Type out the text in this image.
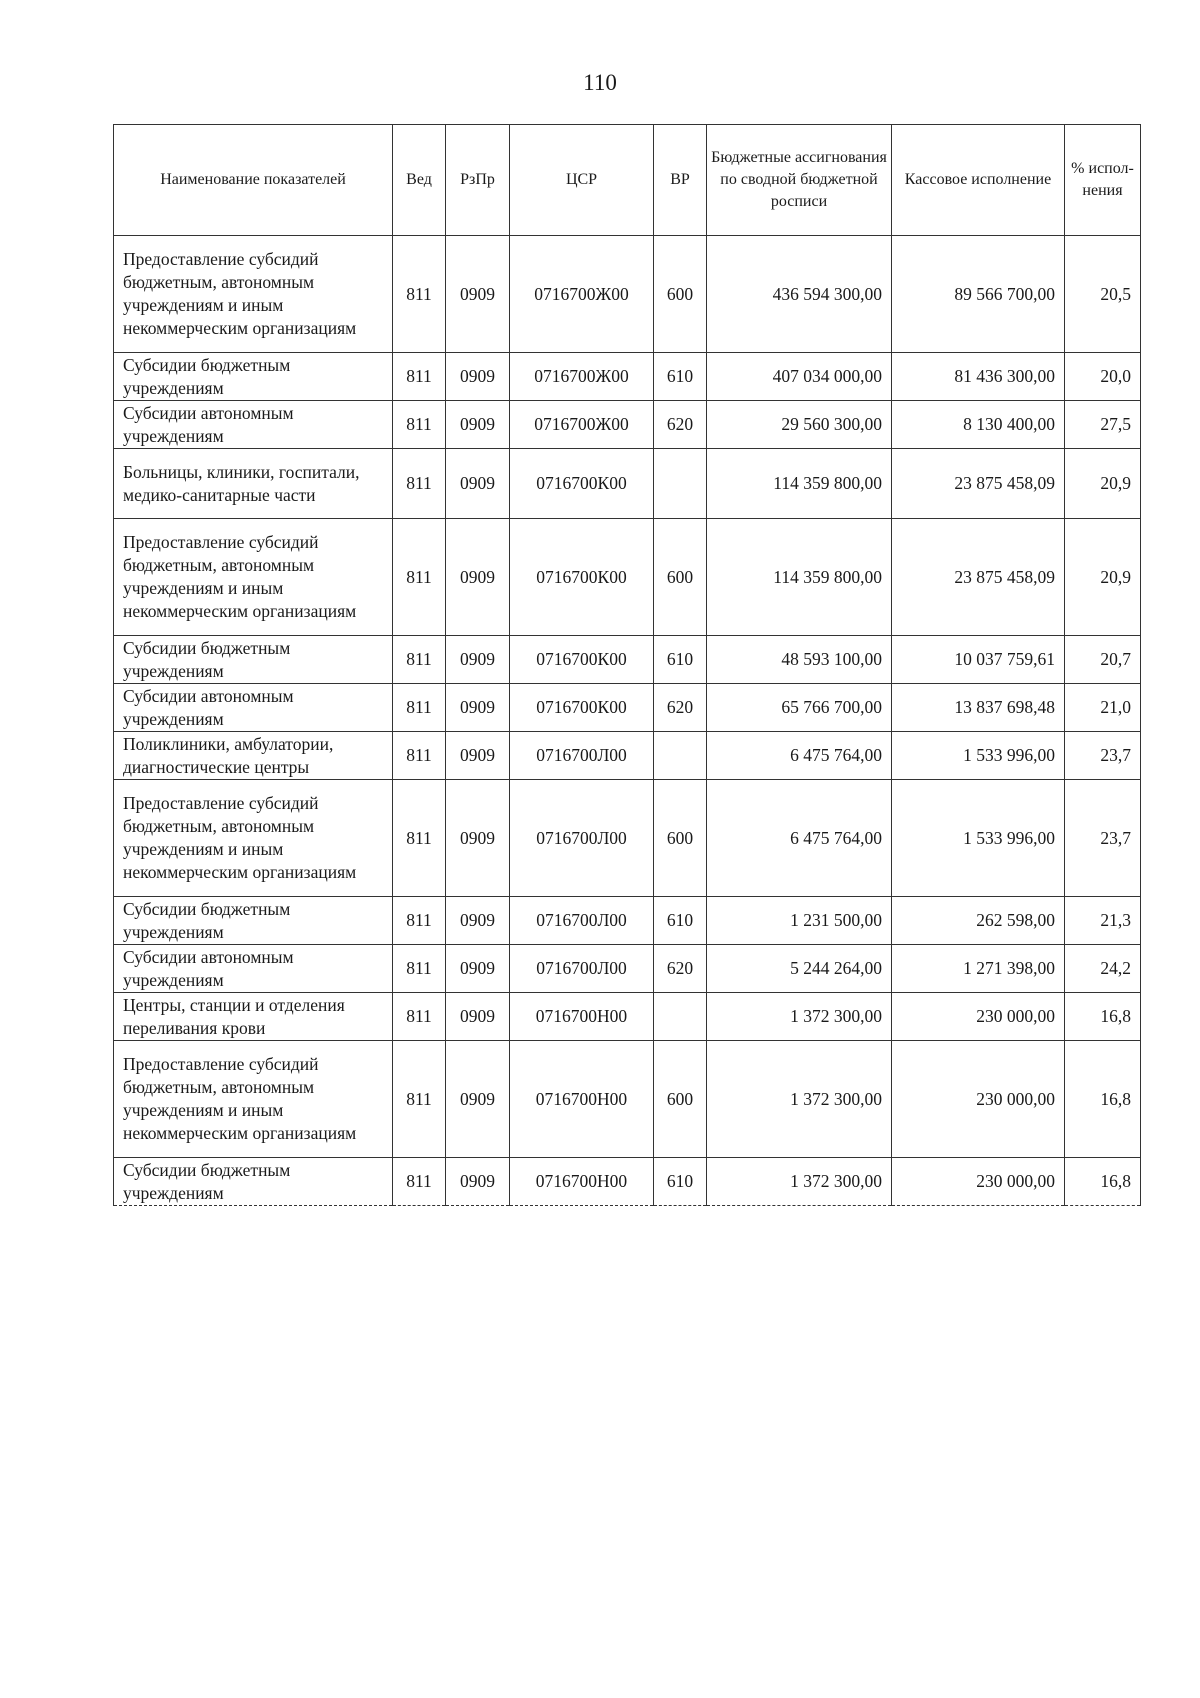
110
Наименование показателей	Вед	РзПр	ЦСР	ВР	Бюджетные ассигнования по сводной бюджетной росписи	Кассовое исполнение	% испол-нения
Предоставление субсидий бюджетным, автономным учреждениям и иным некоммерческим организациям	811	0909	0716700Ж00	600	436 594 300,00	89 566 700,00	20,5
Субсидии бюджетным учреждениям	811	0909	0716700Ж00	610	407 034 000,00	81 436 300,00	20,0
Субсидии автономным учреждениям	811	0909	0716700Ж00	620	29 560 300,00	8 130 400,00	27,5
Больницы, клиники, госпитали, медико-санитарные части	811	0909	0716700К00		114 359 800,00	23 875 458,09	20,9
Предоставление субсидий бюджетным, автономным учреждениям и иным некоммерческим организациям	811	0909	0716700К00	600	114 359 800,00	23 875 458,09	20,9
Субсидии бюджетным учреждениям	811	0909	0716700К00	610	48 593 100,00	10 037 759,61	20,7
Субсидии автономным учреждениям	811	0909	0716700К00	620	65 766 700,00	13 837 698,48	21,0
Поликлиники, амбулатории, диагностические центры	811	0909	0716700Л00		6 475 764,00	1 533 996,00	23,7
Предоставление субсидий бюджетным, автономным учреждениям и иным некоммерческим организациям	811	0909	0716700Л00	600	6 475 764,00	1 533 996,00	23,7
Субсидии бюджетным учреждениям	811	0909	0716700Л00	610	1 231 500,00	262 598,00	21,3
Субсидии автономным учреждениям	811	0909	0716700Л00	620	5 244 264,00	1 271 398,00	24,2
Центры, станции и отделения переливания крови	811	0909	0716700Н00		1 372 300,00	230 000,00	16,8
Предоставление субсидий бюджетным, автономным учреждениям и иным некоммерческим организациям	811	0909	0716700Н00	600	1 372 300,00	230 000,00	16,8
Субсидии бюджетным учреждениям	811	0909	0716700Н00	610	1 372 300,00	230 000,00	16,8
